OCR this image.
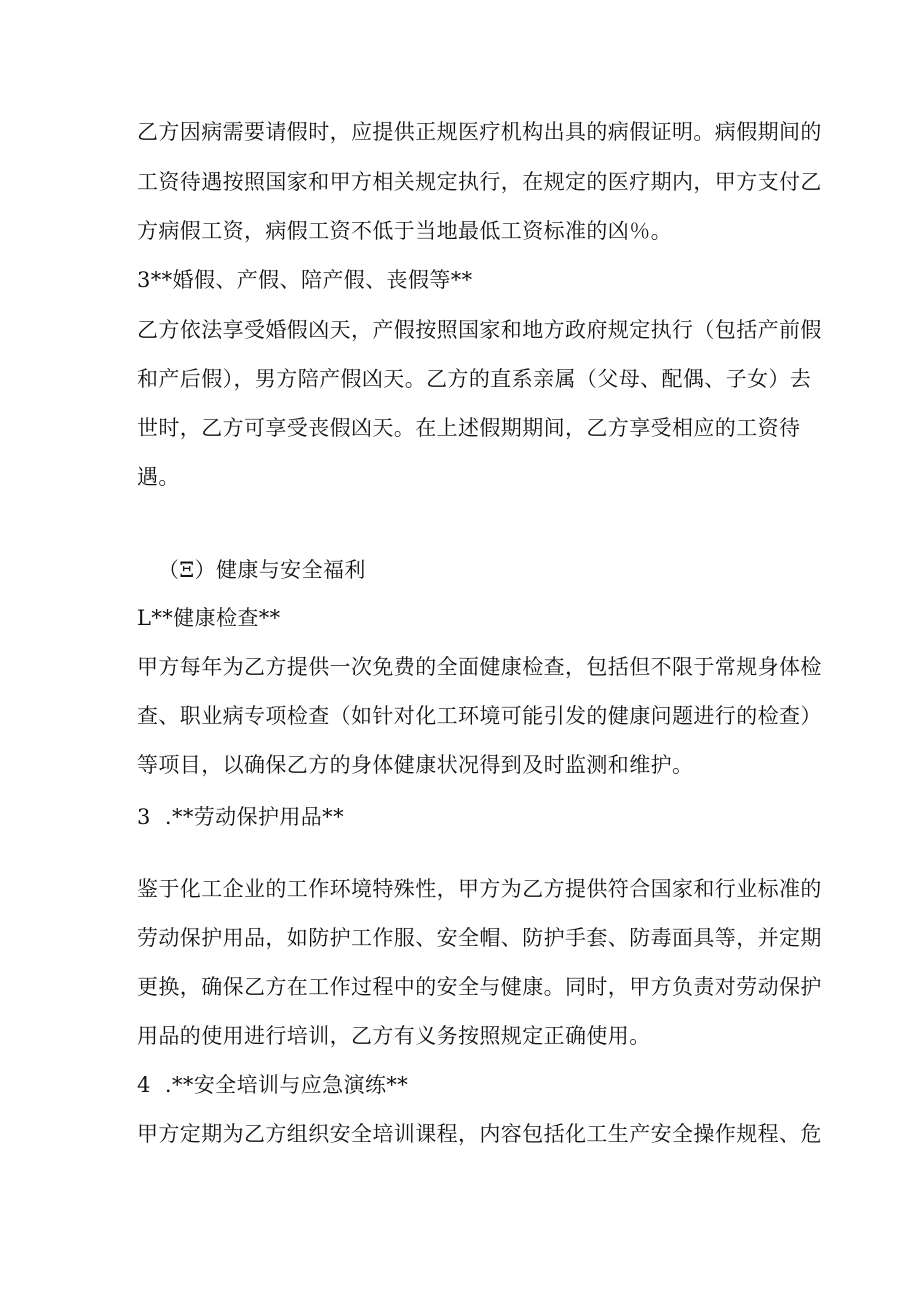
乙方因病需要请假时，应提供正规医疗机构出具的病假证明。病假期间的
工资待遇按照国家和甲方相关规定执行，在规定的医疗期内，甲方支付乙
方病假工资，病假工资不低于当地最低工资标准的凶％。
3**婚假、产假、陪产假、丧假等**
乙方依法享受婚假凶天，产假按照国家和地方政府规定执行（包括产前假
和产后假），男方陪产假凶天。乙方的直系亲属（父母、配偶、子女）去
世时，乙方可享受丧假凶天。在上述假期期间，乙方享受相应的工资待
遇。
（Ξ）健康与安全福利
L**健康检查**
甲方每年为乙方提供一次免费的全面健康检查，包括但不限于常规身体检
查、职业病专项检查（如针对化工环境可能引发的健康问题进行的检查）
等项目，以确保乙方的身体健康状况得到及时监测和维护。
3  .**劳动保护用品**
鉴于化工企业的工作环境特殊性，甲方为乙方提供符合国家和行业标准的
劳动保护用品，如防护工作服、安全帽、防护手套、防毒面具等，并定期
更换，确保乙方在工作过程中的安全与健康。同时，甲方负责对劳动保护
用品的使用进行培训，乙方有义务按照规定正确使用。
4  .**安全培训与应急演练**
甲方定期为乙方组织安全培训课程，内容包括化工生产安全操作规程、危
